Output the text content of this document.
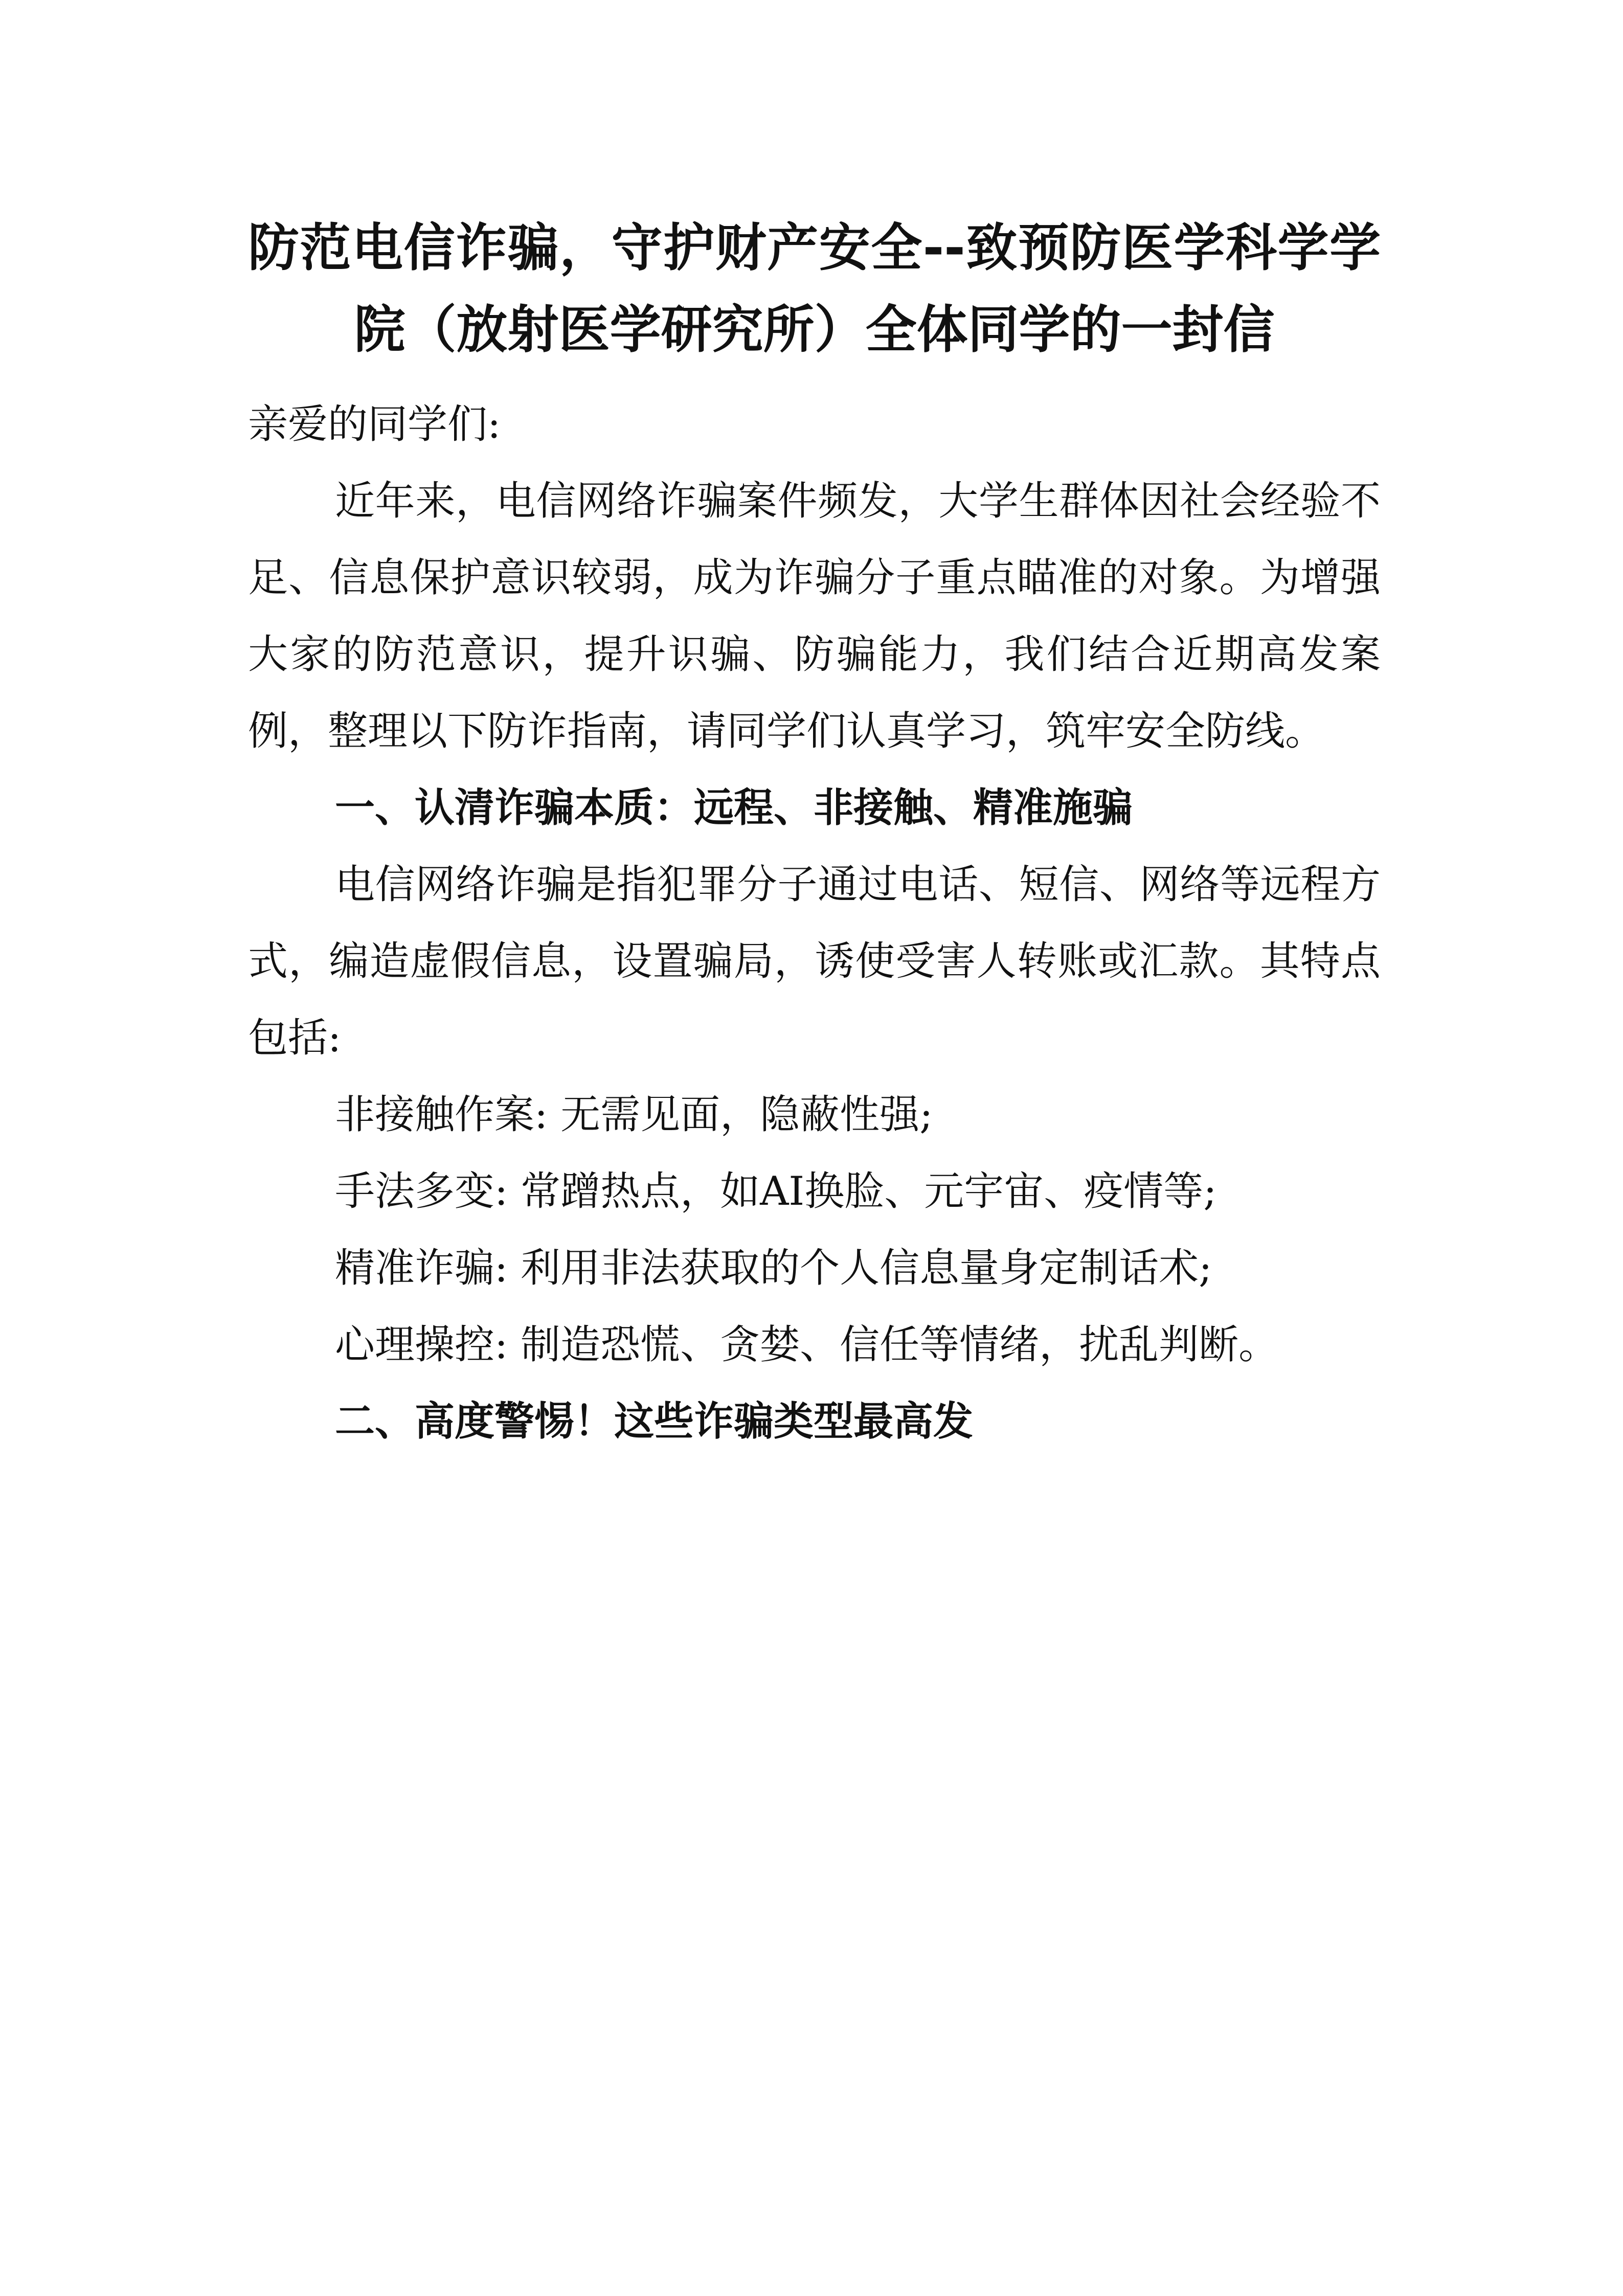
防范电信诈骗，守护财产安全--致预防医学科学学院（放射医学研究所）全体同学的一封信

亲爱的同学们:

近年来，电信网络诈骗案件频发，大学生群体因社会经验不足、信息保护意识较弱，成为诈骗分子重点瞄准的对象。为增强大家的防范意识，提升识骗、防骗能力，我们结合近期高发案例，整理以下防诈指南，请同学们认真学习，筑牢安全防线。

一、认清诈骗本质：远程、非接触、精准施骗

电信网络诈骗是指犯罪分子通过电话、短信、网络等远程方式，编造虚假信息，设置骗局，诱使受害人转账或汇款。其特点包括:

非接触作案: 无需见面，隐蔽性强;

手法多变: 常蹭热点，如AI换脸、元宇宙、疫情等;

精准诈骗: 利用非法获取的个人信息量身定制话术;

心理操控: 制造恐慌、贪婪、信任等情绪，扰乱判断。

二、高度警惕！这些诈骗类型最高发
